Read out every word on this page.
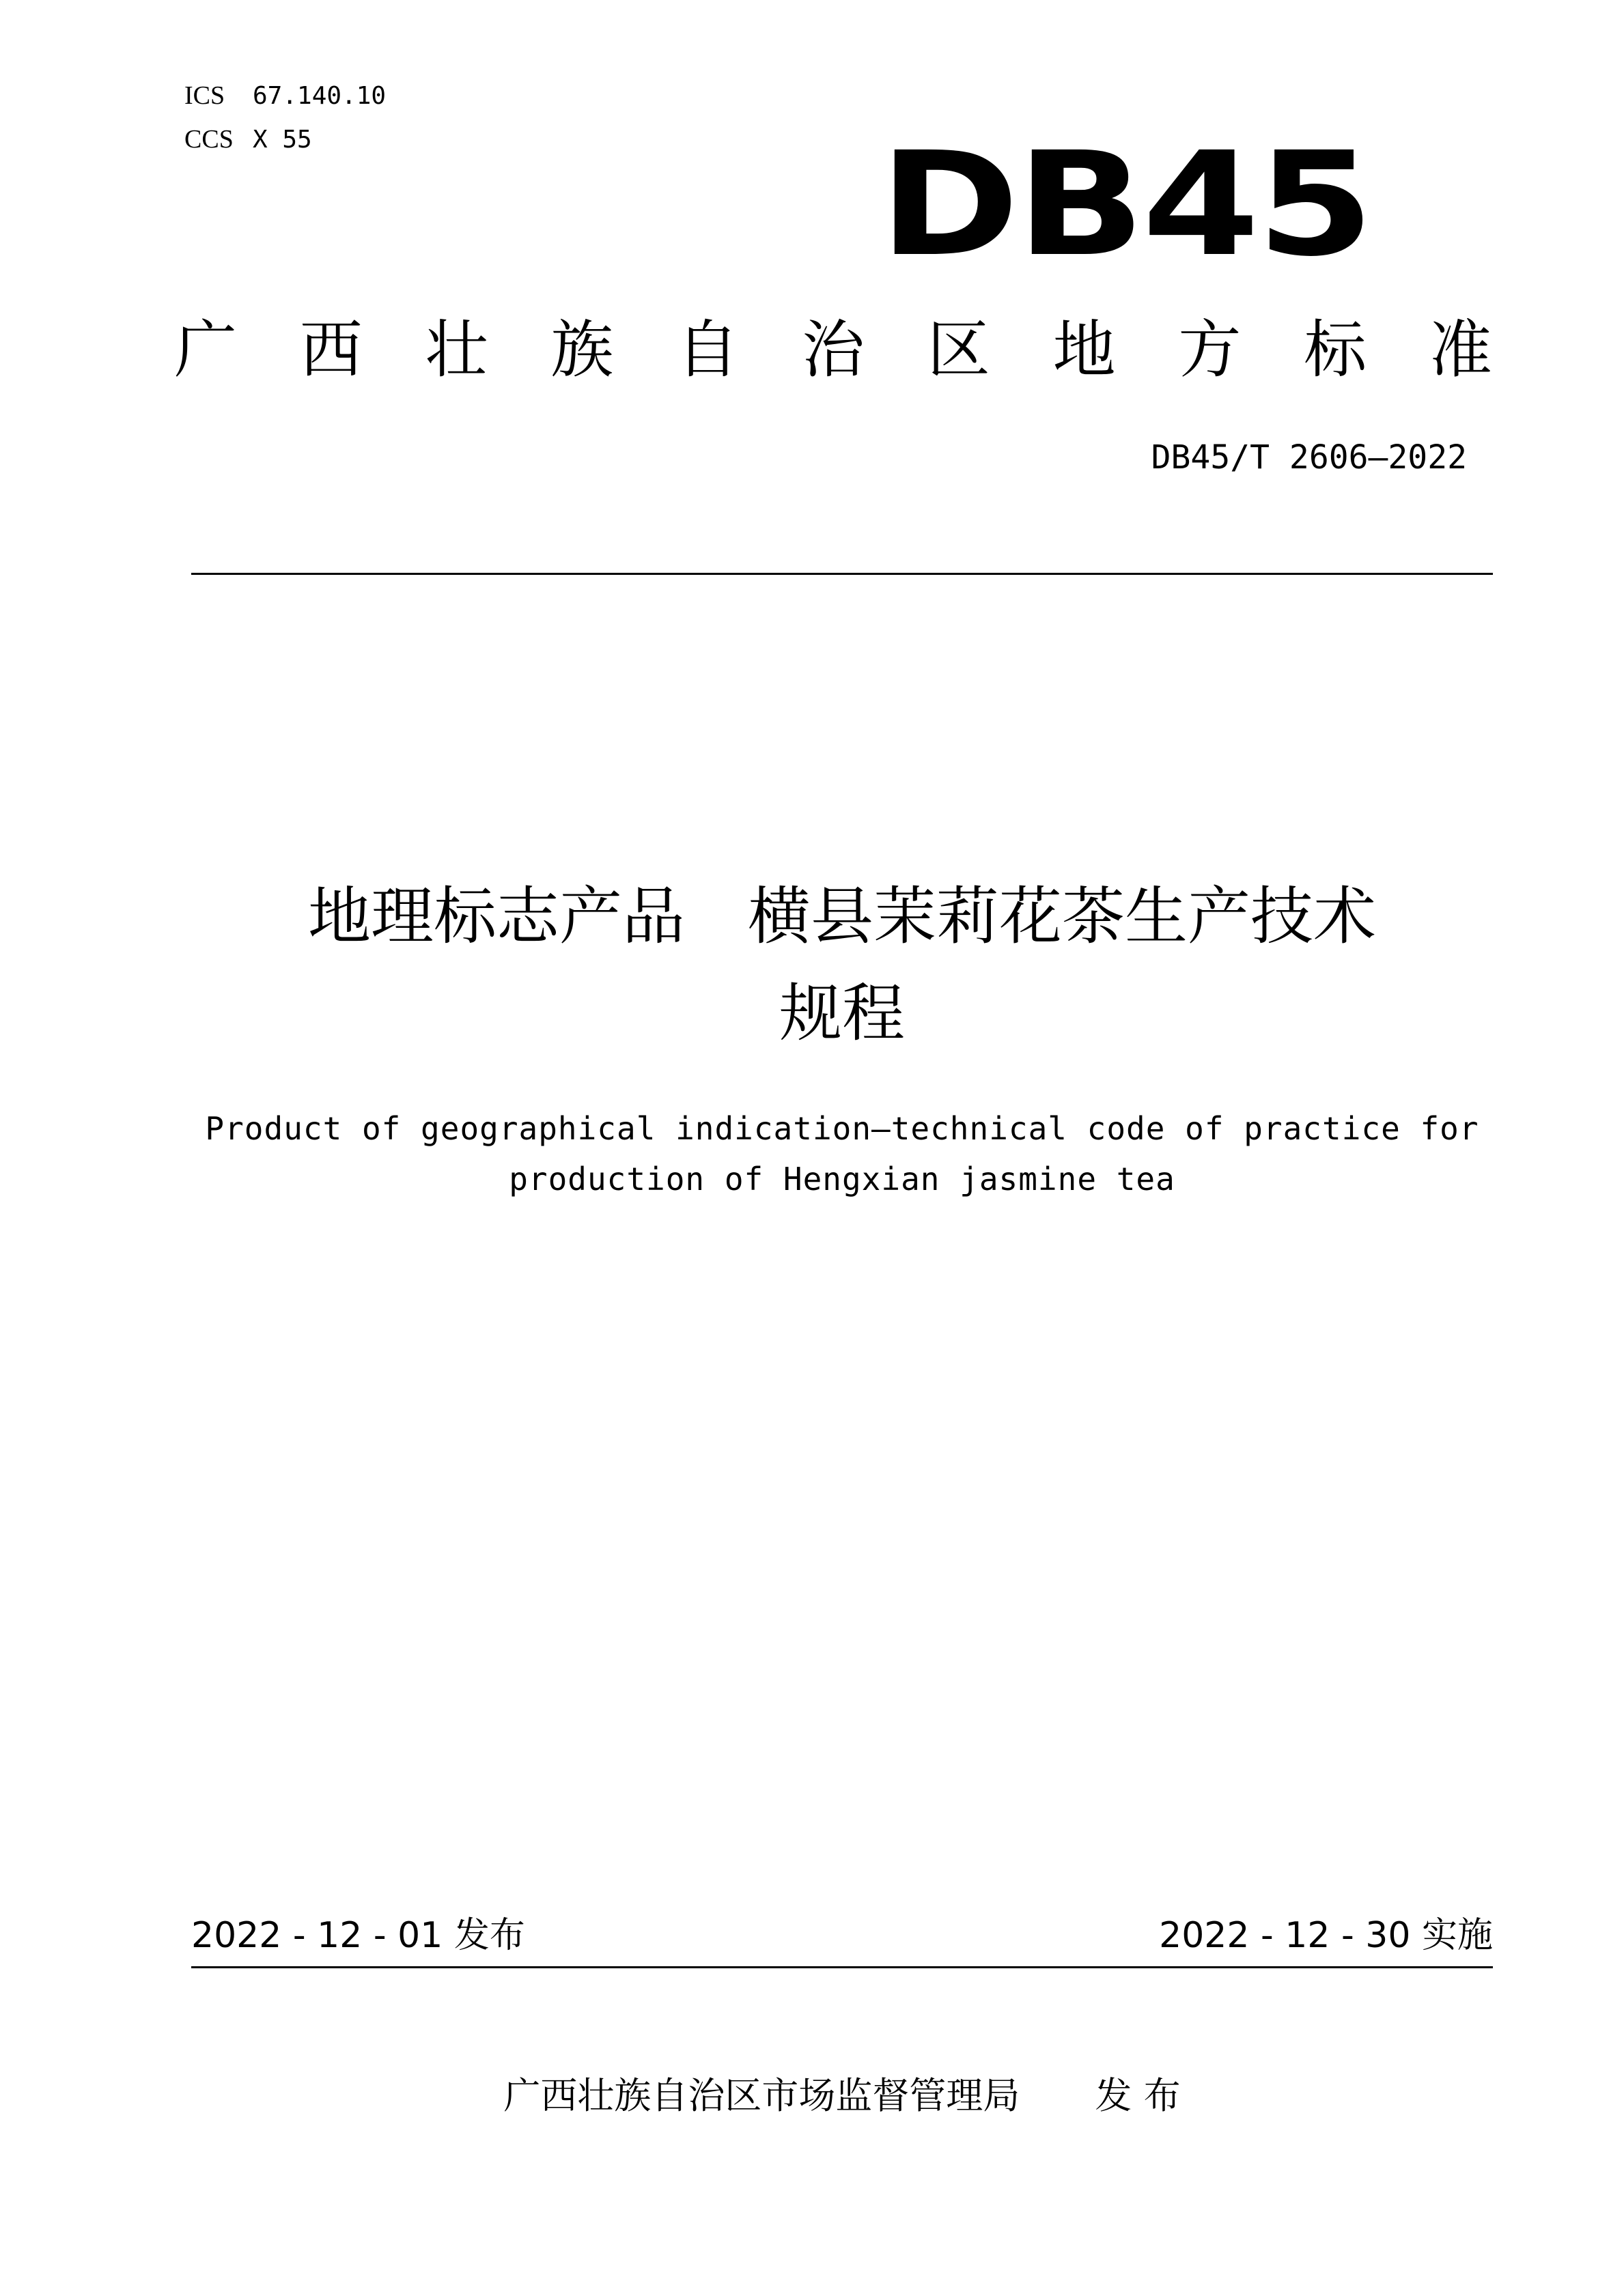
ICS 67.140.10
CCS X 55	DB45
广 西 壮 族 自 治 区 地 方 标 准
DB45/T 2606—2022
地理标志产品　横县茉莉花茶生产技术
规程
Product of geographical indication—technical code of practice for
production of Hengxian jasmine tea
2022 - 12 - 01 发布	2022 - 12 - 30 实施
广西壮族自治区市场监督管理局 发 布
